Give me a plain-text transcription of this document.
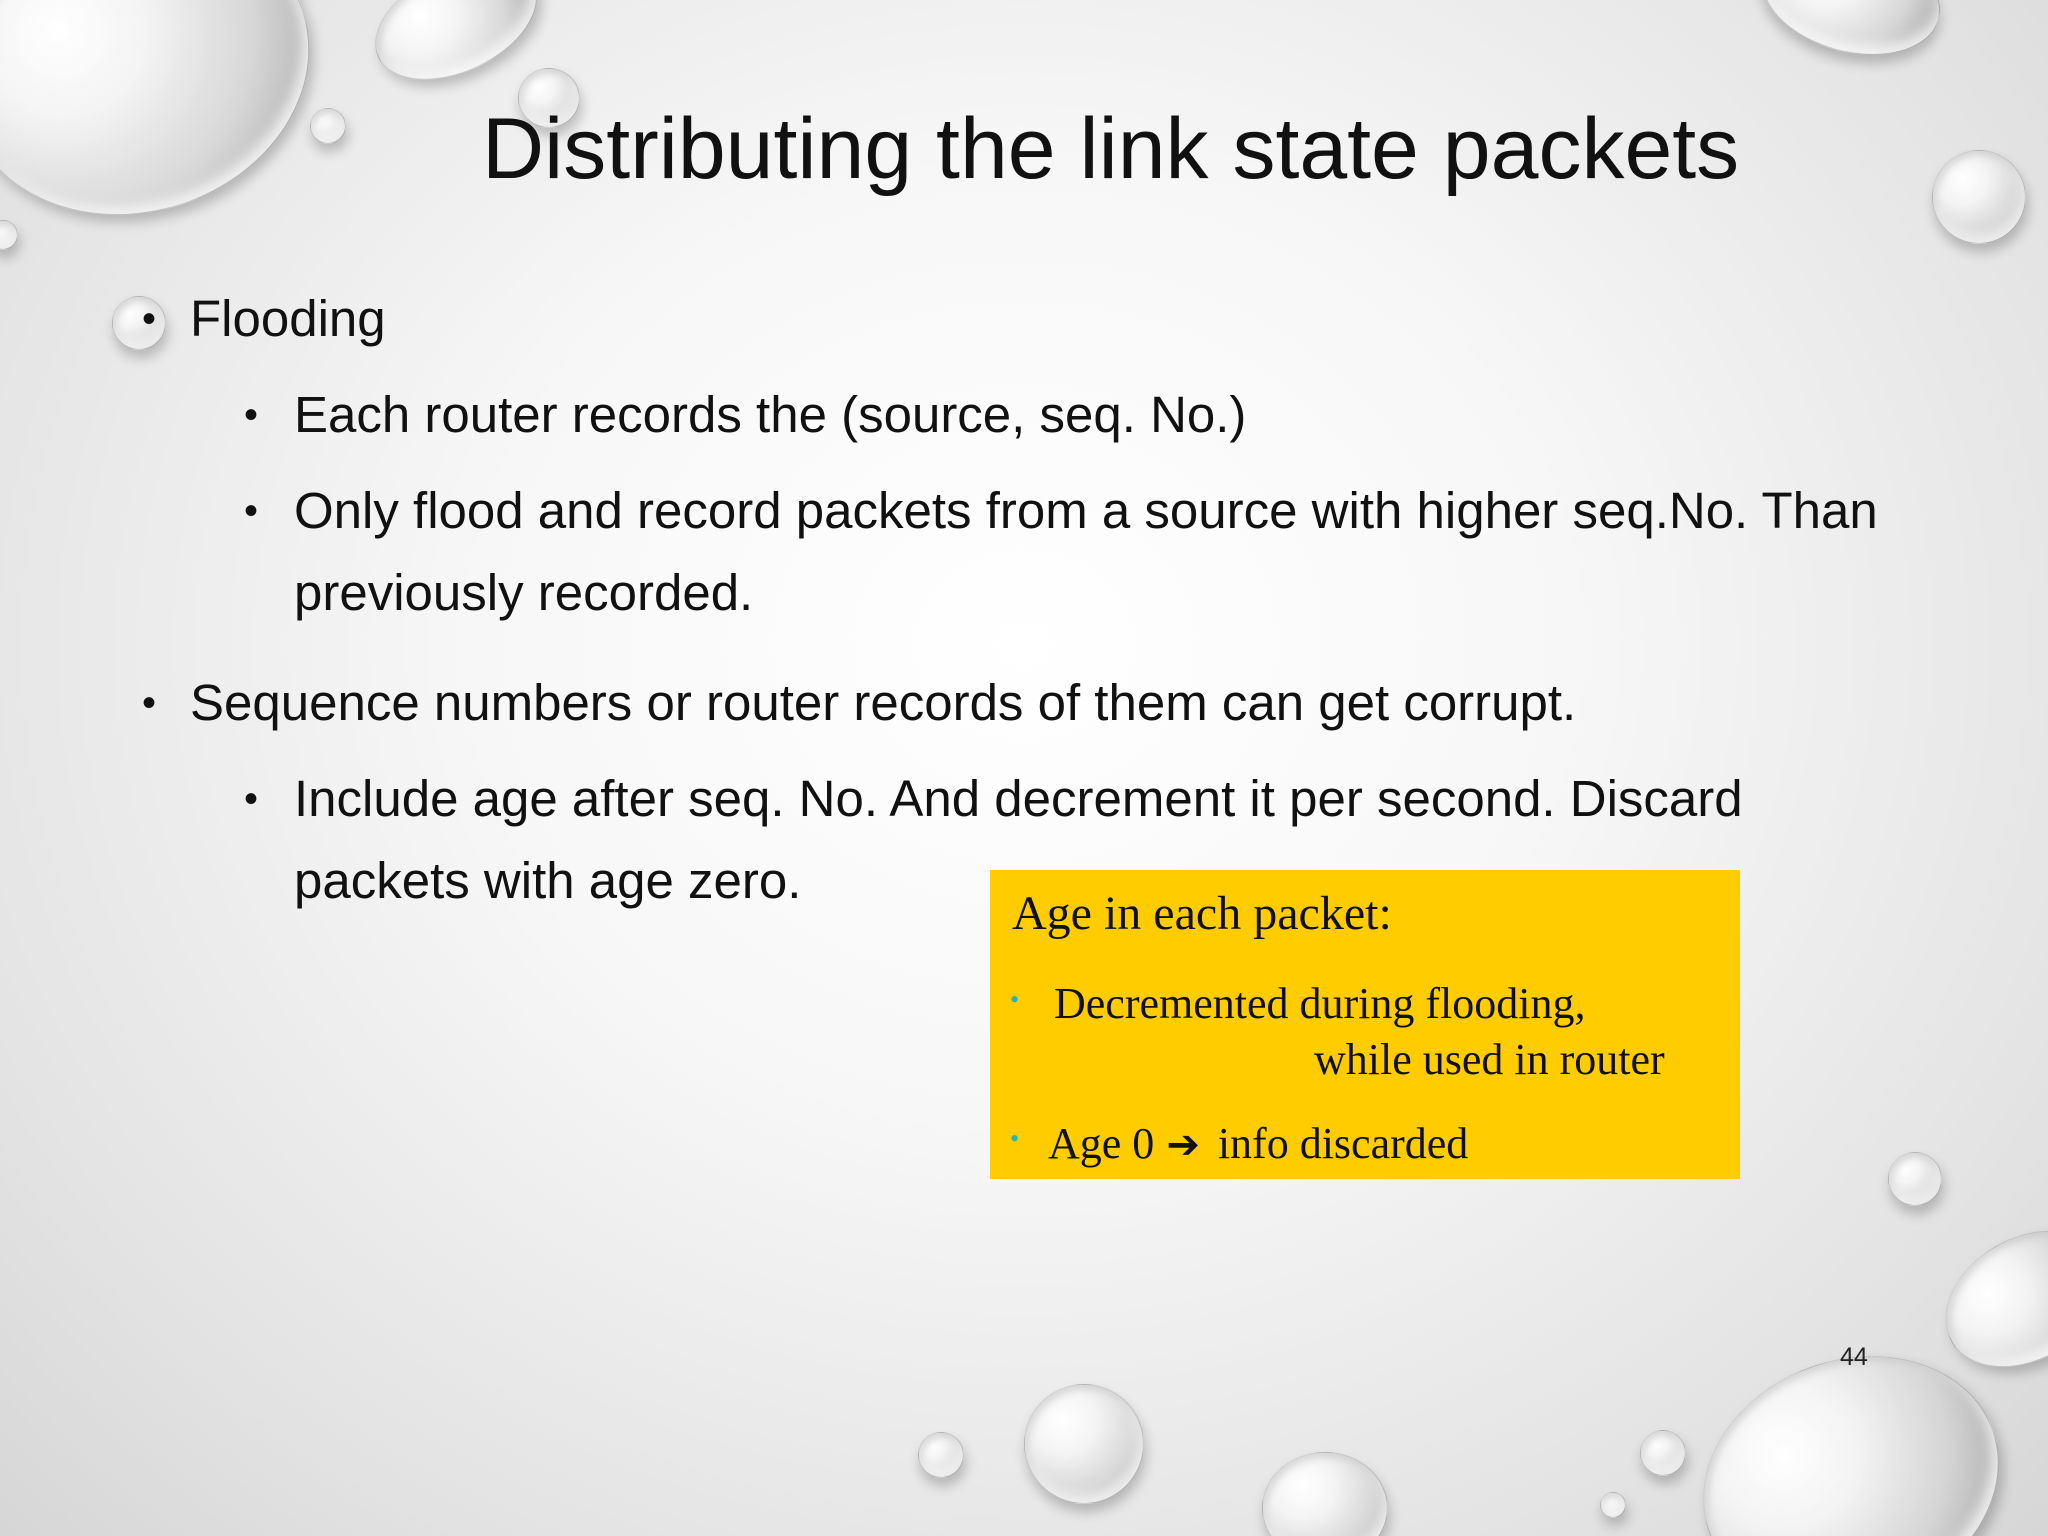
Distributing the link state packets
• Flooding
• Each router records the (source, seq. No.)
• Only flood and record packets from a source with higher seq.No. Than
previously recorded.
• Sequence numbers or router records of them can get corrupt.
• Include age after seq. No. And decrement it per second. Discard
packets with age zero.
Age in each packet:
• Decremented during flooding,
while used in router
• Age 0 ➔ info discarded
44
